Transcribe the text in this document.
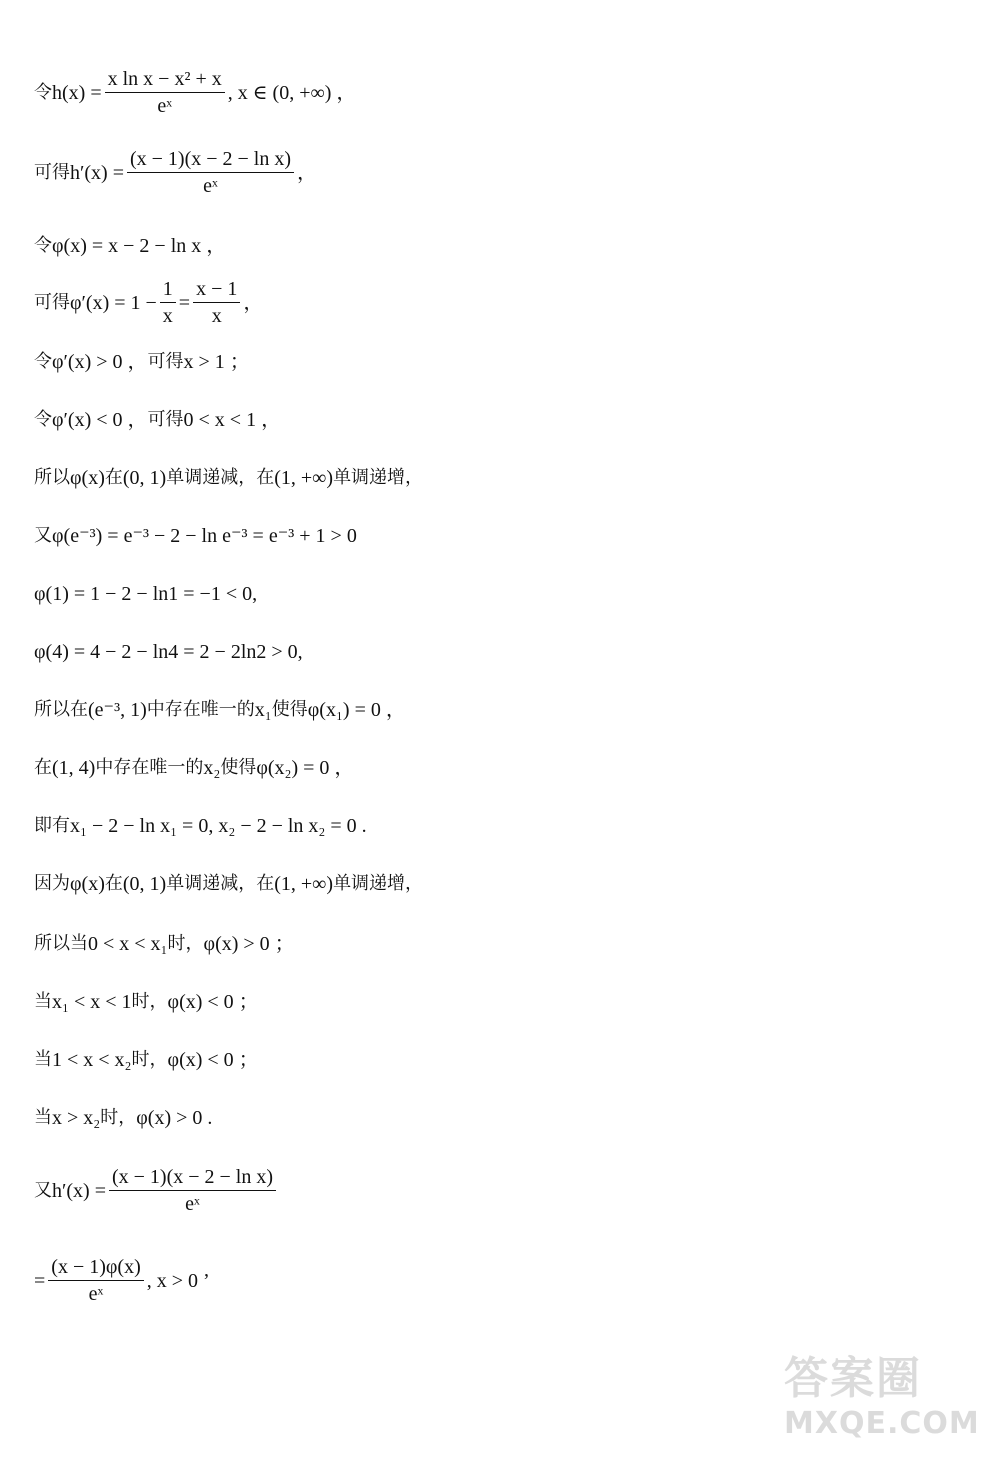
令 $h(x) = \frac{\text{x ln x − x² + x}}{\text{eˣ}}$ , x ∈ (0, +∞) ，
可得 $h'(x) = \frac{\text{(x − 1)(x − 2 − ln x)}}{\text{eˣ}}$ ，
令 φ(x) = x − 2 − ln x ，
可得 $\varphi'(x) = 1 - \frac{1}{x} = \frac{x - 1}{x}$ ，
令 φ′(x) > 0 ， 可得 x > 1 ；
令 φ′(x) < 0 ， 可得 0 < x < 1 ，
所以 φ(x) 在 (0, 1) 单调递减，在 (1, +∞) 单调递增，
又 φ(e⁻³) = e⁻³ − 2 − ln e⁻³ = e⁻³ + 1 > 0
φ(1) = 1 − 2 − ln1 = −1 < 0,
φ(4) = 4 − 2 − ln4 = 2 − 2ln2 > 0,
所以在 (e⁻³, 1) 中存在唯一的 x₁ 使得 φ(x₁) = 0 ，
在 (1, 4) 中存在唯一的 x₂ 使得 φ(x₂) = 0 ，
即有 x₁ − 2 − ln x₁ = 0, x₂ − 2 − ln x₂ = 0 .
因为 φ(x) 在 (0, 1) 单调递减，在 (1, +∞) 单调递增，
所以当 0 < x < x₁ 时， φ(x) > 0 ；
当 x₁ < x < 1 时， φ(x) < 0 ；
当 1 < x < x₂ 时， φ(x) < 0 ；
当 x > x₂ 时， φ(x) > 0 .
又 $h'(x) = \frac{\text{(x − 1)(x − 2 − ln x)}}{\text{eˣ}}$
= $\frac{(x - 1)\varphi(x)}{\text{eˣ}}$ , x > 0 ’
答案圈
MXQE.COM
